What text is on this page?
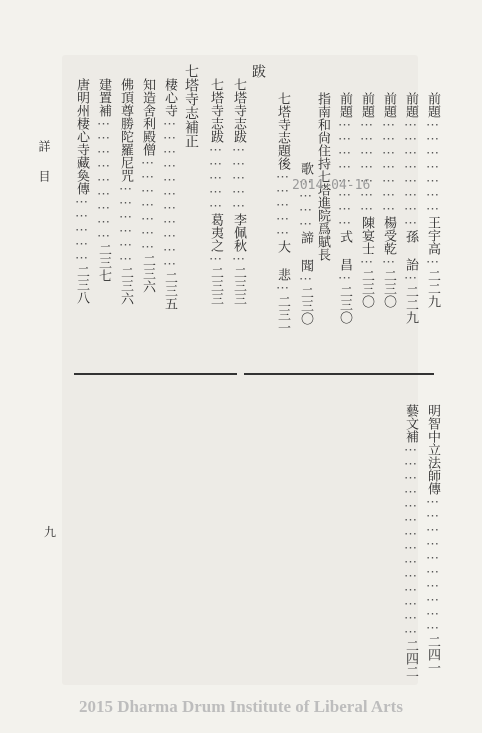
前題⋯⋯⋯⋯⋯⋯⋯王宇高⋯二二九
前題⋯⋯⋯⋯⋯⋯⋯⋯孫 詒⋯二二九
前題⋯⋯⋯⋯⋯⋯⋯楊受乾⋯二三〇
前題⋯⋯⋯⋯⋯⋯⋯陳宴士⋯二三〇
前題⋯⋯⋯⋯⋯⋯⋯⋯式 昌⋯二三〇
指南和尙住持七塔進院爲賦長
歌⋯⋯⋯⋯諦 聞⋯二三〇
七塔寺志題後⋯⋯⋯⋯⋯大 悲⋯二三一
跋
七塔寺志跋⋯⋯⋯⋯⋯李佩秋⋯二三三
七塔寺志跋⋯⋯⋯⋯⋯葛夷之⋯二三三
七塔寺志補正
棲心寺⋯⋯⋯⋯⋯⋯⋯⋯⋯⋯⋯二三五
知造舍利殿僧⋯⋯⋯⋯⋯⋯⋯二三六
佛頂尊勝陀羅尼咒⋯⋯⋯⋯⋯⋯二三六
建置補⋯⋯⋯⋯⋯⋯⋯⋯⋯二三七
唐明州棲心寺藏奐傳⋯⋯⋯⋯⋯二三八
明智中立法師傳⋯⋯⋯⋯⋯⋯⋯⋯⋯⋯二四一
藝文補⋯⋯⋯⋯⋯⋯⋯⋯⋯⋯⋯⋯⋯⋯二四二
詳目
九
2014-04-16
2015 Dharma Drum Institute of Liberal Arts
